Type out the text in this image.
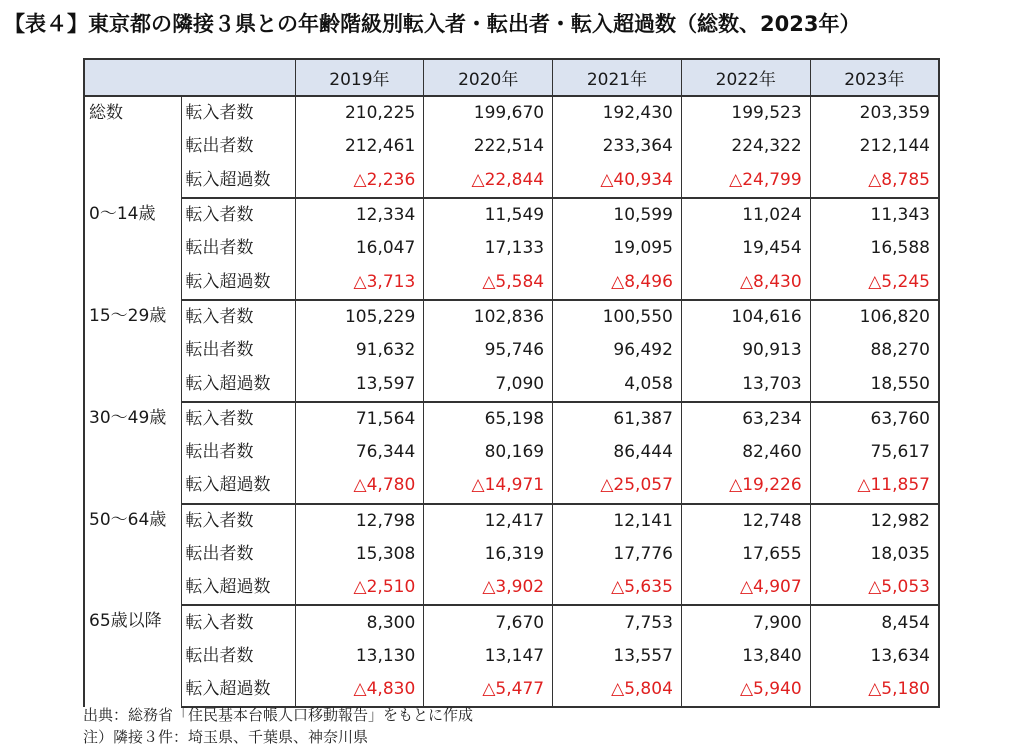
【表４】東京都の隣接３県との年齢階級別転入者・転出者・転入超過数（総数、2023年）
		2019年	2020年	2021年	2022年	2023年
総数	転入者数	210,225	199,670	192,430	199,523	203,359
	転出者数	212,461	222,514	233,364	224,322	212,144
	転入超過数	△2,236	△22,844	△40,934	△24,799	△8,785
0～14歳	転入者数	12,334	11,549	10,599	11,024	11,343
	転出者数	16,047	17,133	19,095	19,454	16,588
	転入超過数	△3,713	△5,584	△8,496	△8,430	△5,245
15～29歳	転入者数	105,229	102,836	100,550	104,616	106,820
	転出者数	91,632	95,746	96,492	90,913	88,270
	転入超過数	13,597	7,090	4,058	13,703	18,550
30～49歳	転入者数	71,564	65,198	61,387	63,234	63,760
	転出者数	76,344	80,169	86,444	82,460	75,617
	転入超過数	△4,780	△14,971	△25,057	△19,226	△11,857
50～64歳	転入者数	12,798	12,417	12,141	12,748	12,982
	転出者数	15,308	16,319	17,776	17,655	18,035
	転入超過数	△2,510	△3,902	△5,635	△4,907	△5,053
65歳以降	転入者数	8,300	7,670	7,753	7,900	8,454
	転出者数	13,130	13,147	13,557	13,840	13,634
	転入超過数	△4,830	△5,477	△5,804	△5,940	△5,180
出典：総務省「住民基本台帳人口移動報告」をもとに作成
注）隣接３件：埼玉県、千葉県、神奈川県
